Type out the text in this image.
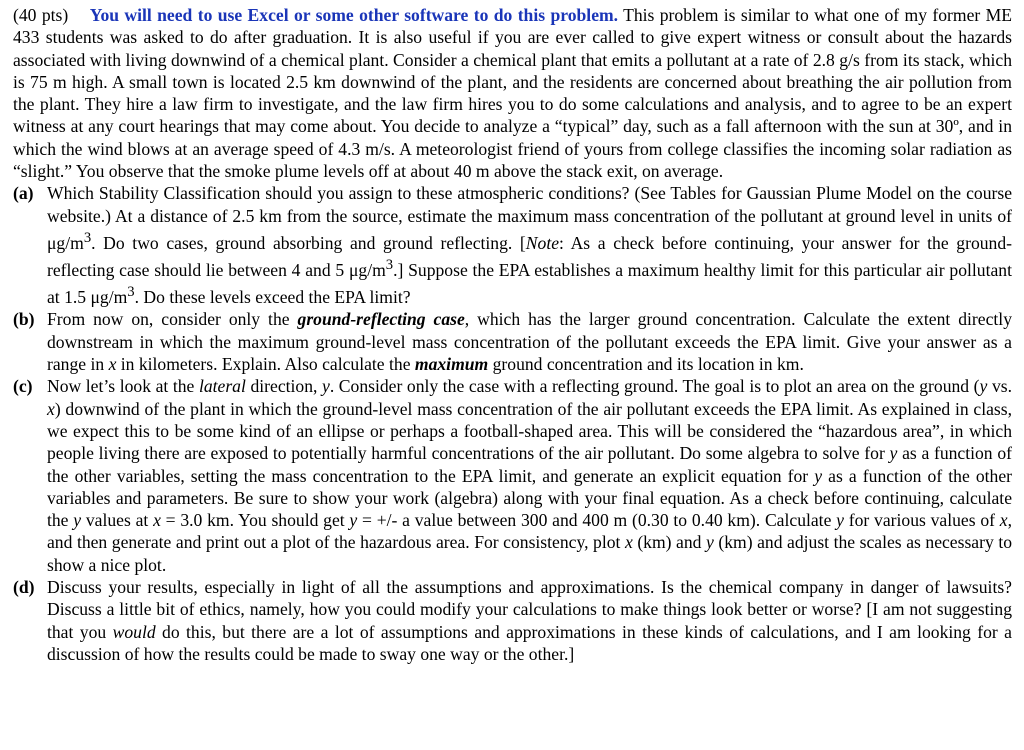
(40 pts) You will need to use Excel or some other software to do this problem. This problem is similar to what one of my former ME 433 students was asked to do after graduation. It is also useful if you are ever called to give expert witness or consult about the hazards associated with living downwind of a chemical plant. Consider a chemical plant that emits a pollutant at a rate of 2.8 g/s from its stack, which is 75 m high. A small town is located 2.5 km downwind of the plant, and the residents are concerned about breathing the air pollution from the plant. They hire a law firm to investigate, and the law firm hires you to do some calculations and analysis, and to agree to be an expert witness at any court hearings that may come about. You decide to analyze a “typical” day, such as a fall afternoon with the sun at 30º, and in which the wind blows at an average speed of 4.3 m/s. A meteorologist friend of yours from college classifies the incoming solar radiation as “slight.” You observe that the smoke plume levels off at about 40 m above the stack exit, on average.

(a) Which Stability Classification should you assign to these atmospheric conditions? (See Tables for Gaussian Plume Model on the course website.) At a distance of 2.5 km from the source, estimate the maximum mass concentration of the pollutant at ground level in units of $\mu g/m^3$. Do two cases, ground absorbing and ground reflecting. [Note: As a check before continuing, your answer for the ground-reflecting case should lie between 4 and 5 $\mu g/m^3$.] Suppose the EPA establishes a maximum healthy limit for this particular air pollutant at 1.5 $\mu g/m^3$. Do these levels exceed the EPA limit?

(b) From now on, consider only the ground-reflecting case, which has the larger ground concentration. Calculate the extent directly downstream in which the maximum ground-level mass concentration of the pollutant exceeds the EPA limit. Give your answer as a range in x in kilometers. Explain. Also calculate the maximum ground concentration and its location in km.

(c) Now let’s look at the lateral direction, y. Consider only the case with a reflecting ground. The goal is to plot an area on the ground (y vs. x) downwind of the plant in which the ground-level mass concentration of the air pollutant exceeds the EPA limit. As explained in class, we expect this to be some kind of an ellipse or perhaps a football-shaped area. This will be considered the “hazardous area”, in which people living there are exposed to potentially harmful concentrations of the air pollutant. Do some algebra to solve for y as a function of the other variables, setting the mass concentration to the EPA limit, and generate an explicit equation for y as a function of the other variables and parameters. Be sure to show your work (algebra) along with your final equation. As a check before continuing, calculate the y values at x = 3.0 km. You should get y = +/- a value between 300 and 400 m (0.30 to 0.40 km). Calculate y for various values of x, and then generate and print out a plot of the hazardous area. For consistency, plot x (km) and y (km) and adjust the scales as necessary to show a nice plot.

(d) Discuss your results, especially in light of all the assumptions and approximations. Is the chemical company in danger of lawsuits? Discuss a little bit of ethics, namely, how you could modify your calculations to make things look better or worse? [I am not suggesting that you would do this, but there are a lot of assumptions and approximations in these kinds of calculations, and I am looking for a discussion of how the results could be made to sway one way or the other.]
